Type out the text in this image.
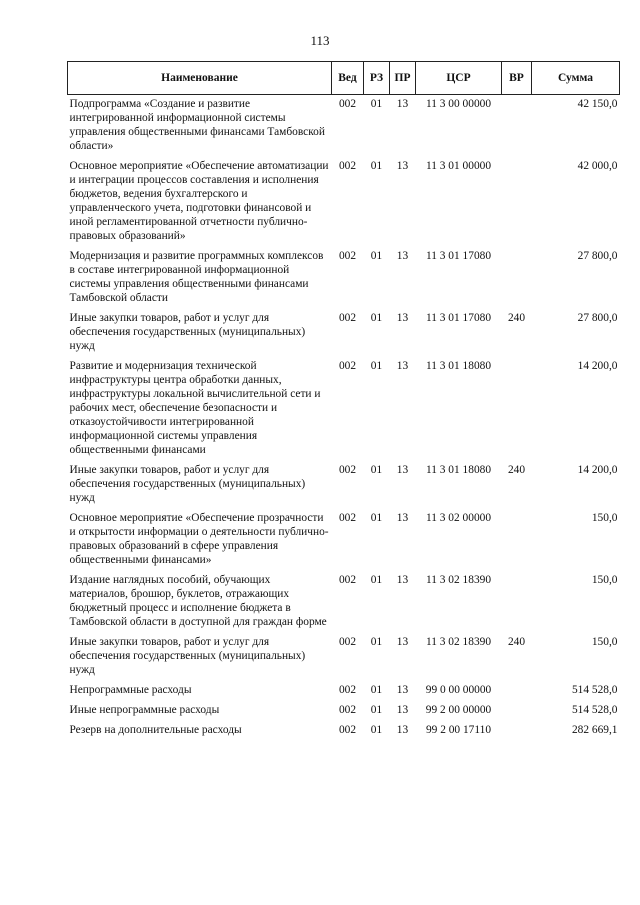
113
Наименование	Вед	РЗ	ПР	ЦСР	ВР	Сумма
Подпрограмма «Создание и развитие интегрированной информационной системы управления общественными финансами Тамбовской области»	002	01	13	11 3 00 00000		42 150,0
Основное мероприятие «Обеспечение автоматизации и интеграции процессов составления и исполнения бюджетов, ведения бухгалтерского и управленческого учета, подготовки финансовой и иной регламентированной отчетности публично-правовых образований»	002	01	13	11 3 01 00000		42 000,0
Модернизация и развитие программных комплексов в составе интегрированной информационной системы управления общественными финансами Тамбовской области	002	01	13	11 3 01 17080		27 800,0
Иные закупки товаров, работ и услуг для обеспечения государственных (муниципальных) нужд	002	01	13	11 3 01 17080	240	27 800,0
Развитие и модернизация технической инфраструктуры центра обработки данных, инфраструктуры локальной вычислительной сети и рабочих мест, обеспечение безопасности и отказоустойчивости интегрированной информационной системы управления общественными финансами	002	01	13	11 3 01 18080		14 200,0
Иные закупки товаров, работ и услуг для обеспечения государственных (муниципальных) нужд	002	01	13	11 3 01 18080	240	14 200,0
Основное мероприятие «Обеспечение прозрачности и открытости информации о деятельности публично-правовых образований в сфере управления общественными финансами»	002	01	13	11 3 02 00000		150,0
Издание наглядных пособий, обучающих материалов, брошюр, буклетов, отражающих бюджетный процесс и исполнение бюджета в Тамбовской области в доступной для граждан форме	002	01	13	11 3 02 18390		150,0
Иные закупки товаров, работ и услуг для обеспечения государственных (муниципальных) нужд	002	01	13	11 3 02 18390	240	150,0
Непрограммные расходы	002	01	13	99 0 00 00000		514 528,0
Иные непрограммные расходы	002	01	13	99 2 00 00000		514 528,0
Резерв на дополнительные расходы	002	01	13	99 2 00 17110		282 669,1
